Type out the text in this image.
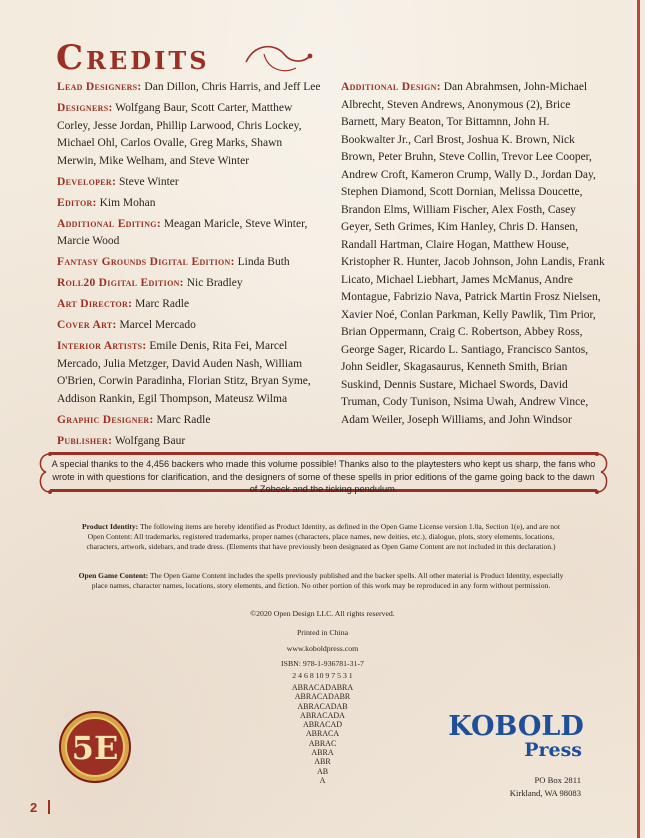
Credits
Lead Designers: Dan Dillon, Chris Harris, and Jeff Lee
Designers: Wolfgang Baur, Scott Carter, Matthew Corley, Jesse Jordan, Phillip Larwood, Chris Lockey, Michael Ohl, Carlos Ovalle, Greg Marks, Shawn Merwin, Mike Welham, and Steve Winter
Developer: Steve Winter
Editor: Kim Mohan
Additional Editing: Meagan Maricle, Steve Winter, Marcie Wood
Fantasy Grounds Digital Edition: Linda Buth
Roll20 Digital Edition: Nic Bradley
Art Director: Marc Radle
Cover Art: Marcel Mercado
Interior Artists: Emile Denis, Rita Fei, Marcel Mercado, Julia Metzger, David Auden Nash, William O'Brien, Corwin Paradinha, Florian Stitz, Bryan Syme, Addison Rankin, Egil Thompson, Mateusz Wilma
Graphic Designer: Marc Radle
Publisher: Wolfgang Baur
Additional Design: Dan Abrahmsen, John-Michael Albrecht, Steven Andrews, Anonymous (2), Brice Barnett, Mary Beaton, Tor Bittamnn, John H. Bookwalter Jr., Carl Brost, Joshua K. Brown, Nick Brown, Peter Bruhn, Steve Collin, Trevor Lee Cooper, Andrew Croft, Kameron Crump, Wally D., Jordan Day, Stephen Diamond, Scott Dornian, Melissa Doucette, Brandon Elms, William Fischer, Alex Fosth, Casey Geyer, Seth Grimes, Kim Hanley, Chris D. Hansen, Randall Hartman, Claire Hogan, Matthew House, Kristopher R. Hunter, Jacob Johnson, John Landis, Frank Licato, Michael Liebhart, James McManus, Andre Montague, Fabrizio Nava, Patrick Martin Frosz Nielsen, Xavier Noé, Conlan Parkman, Kelly Pawlik, Tim Prior, Brian Oppermann, Craig C. Robertson, Abbey Ross, George Sager, Ricardo L. Santiago, Francisco Santos, John Seidler, Skagasaurus, Kenneth Smith, Brian Suskind, Dennis Sustare, Michael Swords, David Truman, Cody Tunison, Nsima Uwah, Andrew Vince, Adam Weiler, Joseph Williams, and John Windsor
A special thanks to the 4,456 backers who made this volume possible! Thanks also to the playtesters who kept us sharp, the fans who wrote in with questions for clarification, and the designers of some of these spells in prior editions of the game going back to the dawn of Zobeck and the ticking pendulum.
Product Identity: The following items are hereby identified as Product Identity, as defined in the Open Game License version 1.0a, Section 1(e), and are not Open Content: All trademarks, registered trademarks, proper names (characters, place names, new deities, etc.), dialogue, plots, story elements, locations, characters, artwork, sidebars, and trade dress. (Elements that have previously been designated as Open Game Content are not included in this declaration.)
Open Game Content: The Open Game Content includes the spells previously published and the backer spells. All other material is Product Identity, especially place names, character names, locations, story elements, and fiction. No other portion of this work may be reproduced in any form without permission.
©2020 Open Design LLC. All rights reserved.
Printed in China
www.koboldpress.com
ISBN: 978-1-936781-31-7
2 4 6 8 10 9 7 5 3 1
ABRACADABRA
ABRACADABR
ABRACADAB
ABRACADA
ABRACAD
ABRACA
ABRAC
ABRA
ABR
AB
A
5E
KOBOLD
Press
PO Box 2811
Kirkland, WA 98083
2
